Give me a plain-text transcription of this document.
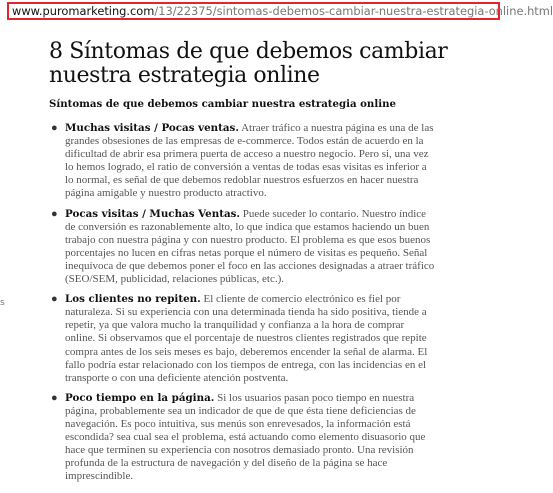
www.puromarketing.com/13/22375/sintomas-debemos-cambiar-nuestra-estrategia-online.html
8 Síntomas de que debemos cambiar nuestra estrategia online
Síntomas de que debemos cambiar nuestra estrategia online
s
● Muchas visitas / Pocas ventas. Atraer tráfico a nuestra página es una de las grandes obsesiones de las empresas de e-commerce. Todos están de acuerdo en la dificultad de abrir esa primera puerta de acceso a nuestro negocio. Pero si, una vez lo hemos logrado, el ratio de conversión a ventas de todas esas visitas es inferior a lo normal, es señal de que debemos redoblar nuestros esfuerzos en hacer nuestra página amigable y nuestro producto atractivo.
● Pocas visitas / Muchas Ventas. Puede suceder lo contario. Nuestro índice de conversión es razonablemente alto, lo que indica que estamos haciendo un buen trabajo con nuestra página y con nuestro producto. El problema es que esos buenos porcentajes no lucen en cifras netas porque el número de visitas es pequeño. Señal inequívoca de que debemos poner el foco en las acciones designadas a atraer tráfico (SEO/SEM, publicidad, relaciones públicas, etc.).
● Los clientes no repiten. El cliente de comercio electrónico es fiel por naturaleza. Si su experiencia con una determinada tienda ha sido positiva, tiende a repetir, ya que valora mucho la tranquilidad y confianza a la hora de comprar online. Si observamos que el porcentaje de nuestros clientes registrados que repite compra antes de los seis meses es bajo, deberemos encender la señal de alarma. El fallo podría estar relacionado con los tiempos de entrega, con las incidencias en el transporte o con una deficiente atención postventa.
● Poco tiempo en la página. Si los usuarios pasan poco tiempo en nuestra página, probablemente sea un indicador de que de que ésta tiene deficiencias de navegación. Es poco intuitiva, sus menús son enrevesados, la información está escondida? sea cual sea el problema, está actuando como elemento disuasorio que hace que terminen su experiencia con nosotros demasiado pronto. Una revisión profunda de la estructura de navegación y del diseño de la página se hace imprescindible.
